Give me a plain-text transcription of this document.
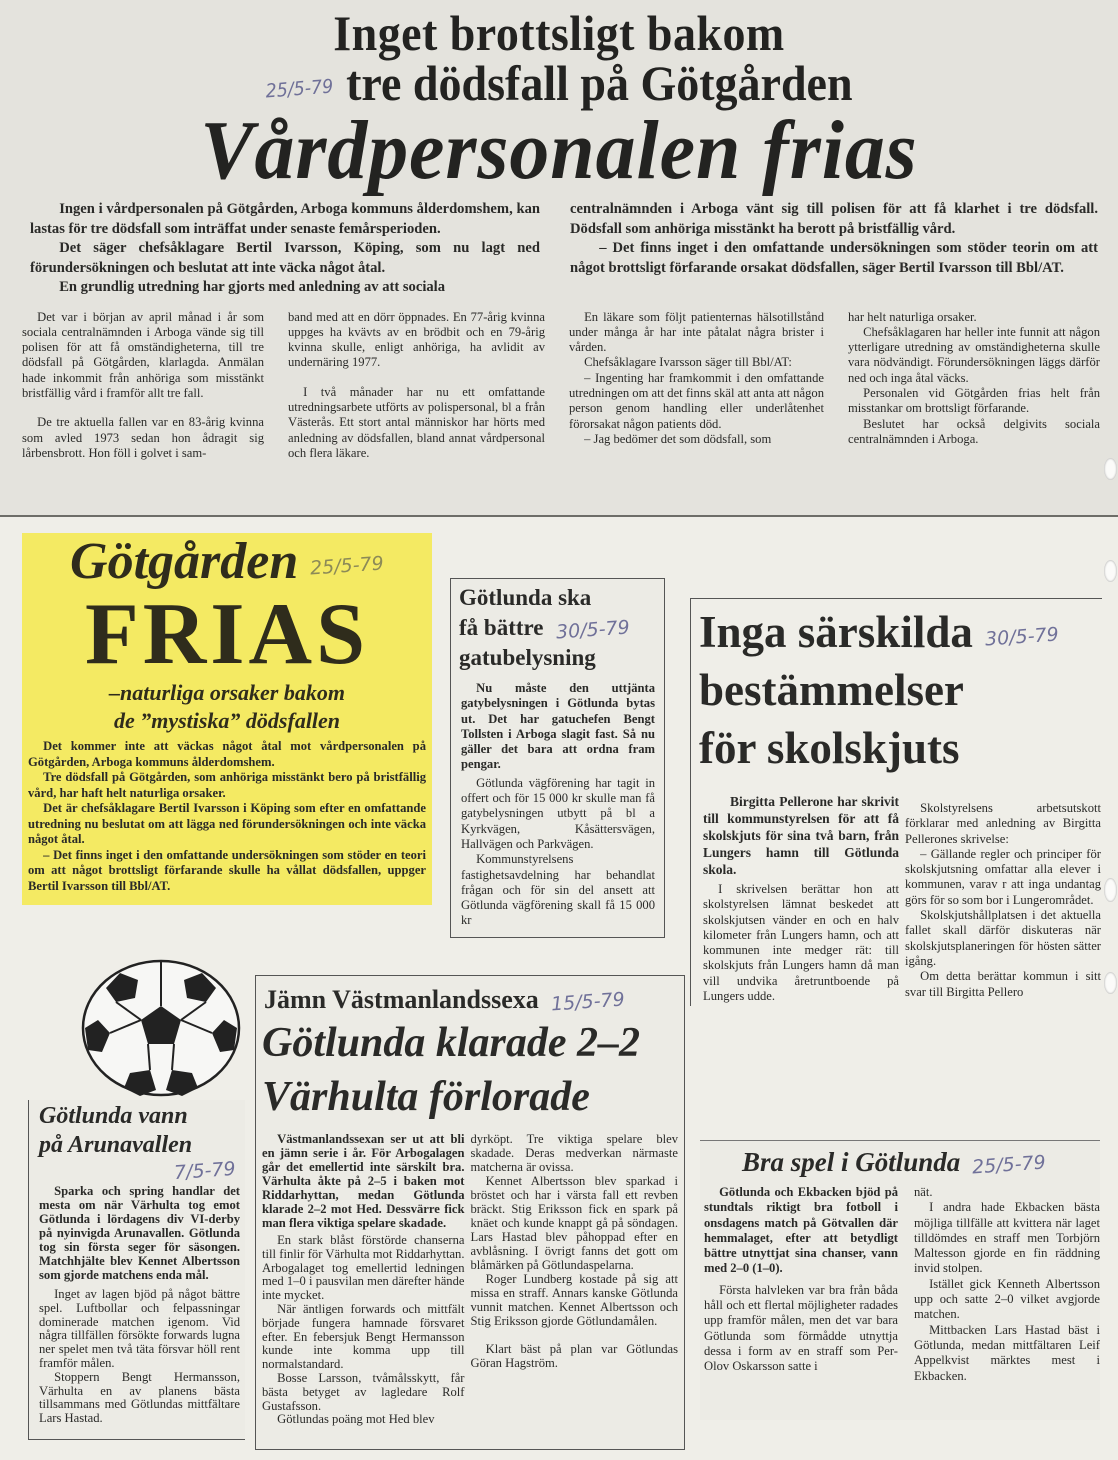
Inget brottsligt bakom
25/5-79 tre dödsfall på Götgården
Vårdpersonalen frias

Ingen i vårdpersonalen på Götgården, Arboga kommuns ålderdomshem, kan lastas för tre dödsfall som inträffat under senaste femårsperioden.

Det säger chefsåklagare Bertil Ivarsson, Köping, som nu lagt ned förundersökningen och beslutat att inte väcka något åtal.

En grundlig utredning har gjorts med anledning av att sociala

centralnämnden i Arboga vänt sig till polisen för att få klarhet i tre dödsfall. Dödsfall som anhöriga misstänkt ha berott på bristfällig vård.

– Det finns inget i den omfattande undersökningen som stöder teorin om att något brottsligt förfarande orsakat dödsfallen, säger Bertil Ivarsson till Bbl/AT.

Det var i början av april månad i år som sociala centralnämnden i Arboga vände sig till polisen för att få omständigheterna, till tre dödsfall på Götgården, klarlagda. Anmälan hade inkommit från anhöriga som misstänkt bristfällig vård i framför allt tre fall.

De tre aktuella fallen var en 83-årig kvinna som avled 1973 sedan hon ådragit sig lårbensbrott. Hon föll i golvet i sam-

band med att en dörr öppnades. En 77-årig kvinna uppges ha kvävts av en brödbit och en 79-årig kvinna skulle, enligt anhöriga, ha avlidit av undernäring 1977.

I två månader har nu ett omfattande utredningsarbete utförts av polispersonal, bl a från Västerås. Ett stort antal människor har hörts med anledning av dödsfallen, bland annat vårdpersonal och flera läkare.

En läkare som följt patienternas hälsotillstånd under många år har inte påtalat några brister i vården.

Chefsåklagare Ivarsson säger till Bbl/AT:

– Ingenting har framkommit i den omfattande utredningen om att det finns skäl att anta att någon person genom handling eller underlåtenhet förorsakat någon patients död.

– Jag bedömer det som dödsfall, som

har helt naturliga orsaker.

Chefsåklagaren har heller inte funnit att någon ytterligare utredning av omständigheterna skulle vara nödvändigt. Förundersökningen läggs därför ned och inga åtal väcks.

Personalen vid Götgården frias helt från misstankar om brottsligt förfarande.

Beslutet har också delgivits sociala centralnämnden i Arboga.

Götgården 25/5-79
FRIAS
–naturliga orsaker bakom
de ”mystiska” dödsfallen

Det kommer inte att väckas något åtal mot vårdpersonalen på Götgården, Arboga kommuns ålderdomshem.

Tre dödsfall på Götgården, som anhöriga misstänkt bero på bristfällig vård, har haft helt naturliga orsaker.

Det är chefsåklagare Bertil Ivarsson i Köping som efter en omfattande utredning nu beslutat om att lägga ned förundersökningen och inte väcka något åtal.

– Det finns inget i den omfattande undersökningen som stöder en teori om att något brottsligt förfarande skulle ha vållat dödsfallen, uppger Bertil Ivarsson till Bbl/AT.

Götlunda ska
få bättre 30/5-79
gatubelysning

Nu måste den uttjänta gatybelysningen i Götlunda bytas ut. Det har gatuchefen Bengt Tollsten i Arboga slagit fast. Så nu gäller det bara att ordna fram pengar.

Götlunda vägförening har tagit in offert och för 15 000 kr skulle man få gatybelysningen utbytt på bl a Kyrkvägen, Kåsättersvägen, Hallvägen och Parkvägen.

Kommunstyrelsens fastighetsavdelning har behandlat frågan och för sin del ansett att Götlunda vägförening skall få 15 000 kr

Inga särskilda 30/5-79
bestämmelser
för skolskjuts

Birgitta Pellerone har skrivit till kommunstyrelsen för att få skolskjuts för sina två barn, från Lungers hamn till Götlunda skola.

I skrivelsen berättar hon att skolstyrelsen lämnat beskedet att skolskjutsen vänder en och en halv kilometer från Lungers hamn, och att kommunen inte medger rät: till skolskjuts från Lungers hamn då man vill undvika åretruntboende på Lungers udde.

Skolstyrelsens arbetsutskott förklarar med anledning av Birgitta Pellerones skrivelse:

– Gällande regler och principer för skolskjutsning omfattar alla elever i kommunen, varav r att inga undantag görs för so som bor i Lungerområdet.

Skolskjutshållplatsen i det aktuella fallet skall därför diskuteras när skolskjutsplaneringen för hösten sätter igång.

Om detta berättar kommun i sitt svar till Birgitta Pellero

Götlunda vann
på Arunavallen
7/5-79

Sparka och spring handlar det mesta om när Värhulta tog emot Götlunda i lördagens div VI-derby på nyinvigda Arunavallen. Götlunda tog sin första seger för säsongen. Matchhjälte blev Kennet Albertsson som gjorde matchens enda mål.

Inget av lagen bjöd på något bättre spel. Luftbollar och felpassningar dominerade matchen igenom. Vid några tillfällen försökte forwards lugna ner spelet men två täta försvar höll rent framför målen.

Stoppern Bengt Hermansson, Värhulta en av planens bästa tillsammans med Götlundas mittfältare Lars Hastad.

Jämn Västmanlandssexa 15/5-79
Götlunda klarade 2–2
Värhulta förlorade

Västmanlandssexan ser ut att bli en jämn serie i år. För Arbogalagen går det emellertid inte särskilt bra. Värhulta åkte på 2–5 i baken mot Riddarhyttan, medan Götlunda klarade 2–2 mot Hed. Dessvärre fick man flera viktiga spelare skadade.

En stark blåst förstörde chanserna till finlir för Värhulta mot Riddarhyttan. Arbogalaget tog emellertid ledningen med 1–0 i pausvilan men därefter hände inte mycket.

När äntligen forwards och mittfält började fungera hamnade försvaret efter. En febersjuk Bengt Hermansson kunde inte komma upp till normalstandard.

Bosse Larsson, tvåmålsskytt, får bästa betyget av lagledare Rolf Gustafsson.

Götlundas poäng mot Hed blev

dyrköpt. Tre viktiga spelare blev skadade. Deras medverkan närmaste matcherna är ovissa.

Kennet Albertsson blev sparkad i bröstet och har i värsta fall ett revben bräckt. Stig Eriksson fick en spark på knäet och kunde knappt gå på söndagen. Lars Hastad blev påhoppad efter en avblåsning. I övrigt fanns det gott om blåmärken på Götlundaspelarna.

Roger Lundberg kostade på sig att missa en straff. Annars kanske Götlunda vunnit matchen. Kennet Albertsson och Stig Eriksson gjorde Götlundamålen.

Klart bäst på plan var Götlundas Göran Hagström.

Bra spel i Götlunda 25/5-79

Götlunda och Ekbacken bjöd på stundtals riktigt bra fotboll i onsdagens match på Götvallen där hemmalaget, efter att betydligt bättre utnyttjat sina chanser, vann med 2–0 (1–0).

Första halvleken var bra från båda håll och ett flertal möjligheter radades upp framför målen, men det var bara Götlunda som förmådde utnyttja dessa i form av en straff som Per-Olov Oskarsson satte i

nät.

I andra hade Ekbacken bästa möjliga tillfälle att kvittera när laget tilldömdes en straff men Torbjörn Maltesson gjorde en fin räddning invid stolpen.

Istället gick Kenneth Albertsson upp och satte 2–0 vilket avgjorde matchen.

Mittbacken Lars Hastad bäst i Götlunda, medan mittfältaren Leif Appelkvist märktes mest i Ekbacken.
